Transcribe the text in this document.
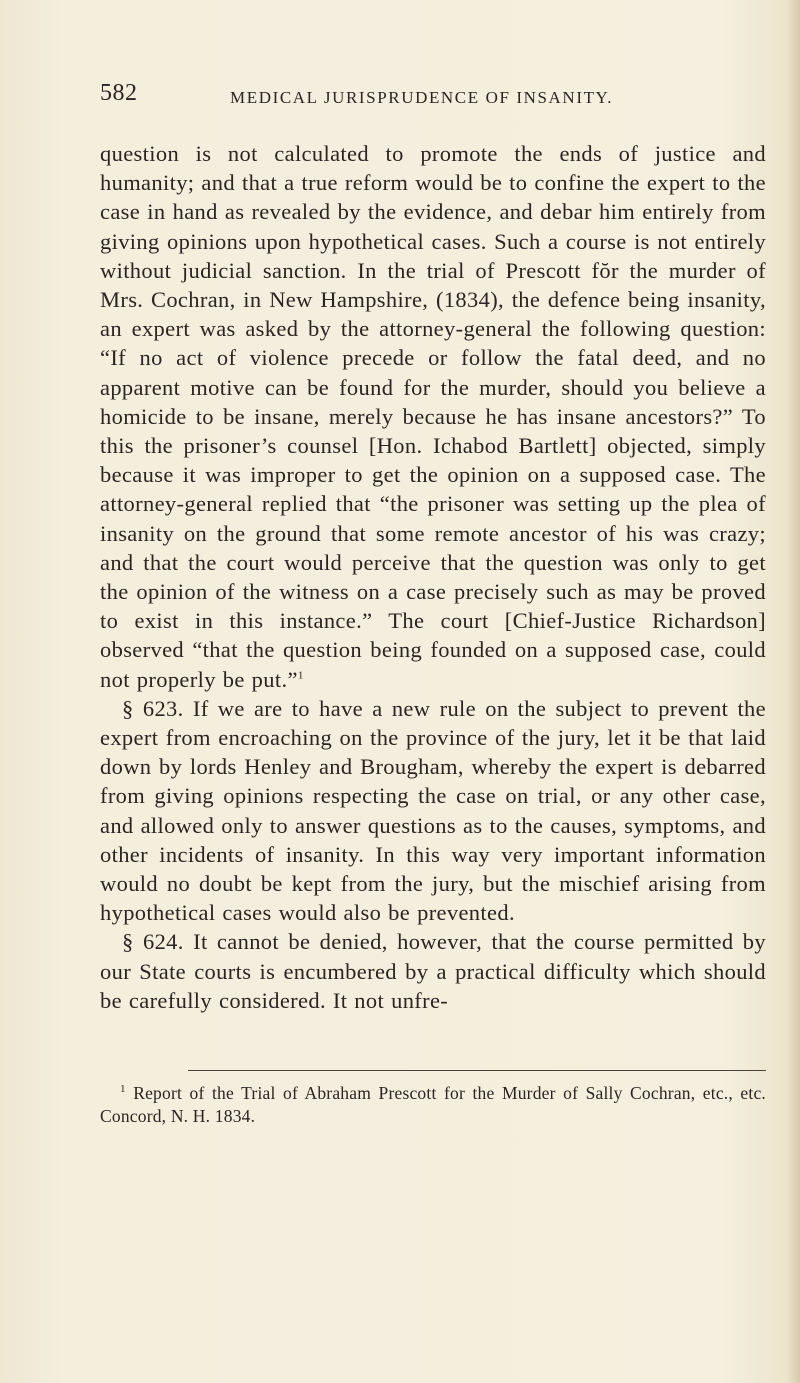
582	MEDICAL JURISPRUDENCE OF INSANITY.

question is not calculated to promote the ends of justice and humanity; and that a true reform would be to confine the expert to the case in hand as revealed by the evidence, and debar him entirely from giving opinions upon hypothetical cases. Such a course is not entirely without judicial sanction. In the trial of Prescott fŏr the murder of Mrs. Cochran, in New Hampshire, (1834), the defence being insanity, an expert was asked by the attorney-general the following question: “If no act of violence precede or follow the fatal deed, and no apparent motive can be found for the murder, should you believe a homicide to be insane, merely because he has insane ancestors?” To this the prisoner’s counsel [Hon. Ichabod Bartlett] objected, simply because it was improper to get the opinion on a supposed case. The attorney-general replied that “the prisoner was setting up the plea of insanity on the ground that some remote ancestor of his was crazy; and that the court would perceive that the question was only to get the opinion of the witness on a case precisely such as may be proved to exist in this instance.” The court [Chief-Justice Richardson] observed “that the question being founded on a supposed case, could not properly be put.”$^1$

§ 623. If we are to have a new rule on the subject to prevent the expert from encroaching on the province of the jury, let it be that laid down by lords Henley and Brougham, whereby the expert is debarred from giving opinions respecting the case on trial, or any other case, and allowed only to answer questions as to the causes, symptoms, and other incidents of insanity. In this way very important information would no doubt be kept from the jury, but the mischief arising from hypothetical cases would also be prevented.

§ 624. It cannot be denied, however, that the course permitted by our State courts is encumbered by a practical difficulty which should be carefully considered. It not unfre-

$^1$ Report of the Trial of Abraham Prescott for the Murder of Sally Cochran, etc., etc. Concord, N. H. 1834.
